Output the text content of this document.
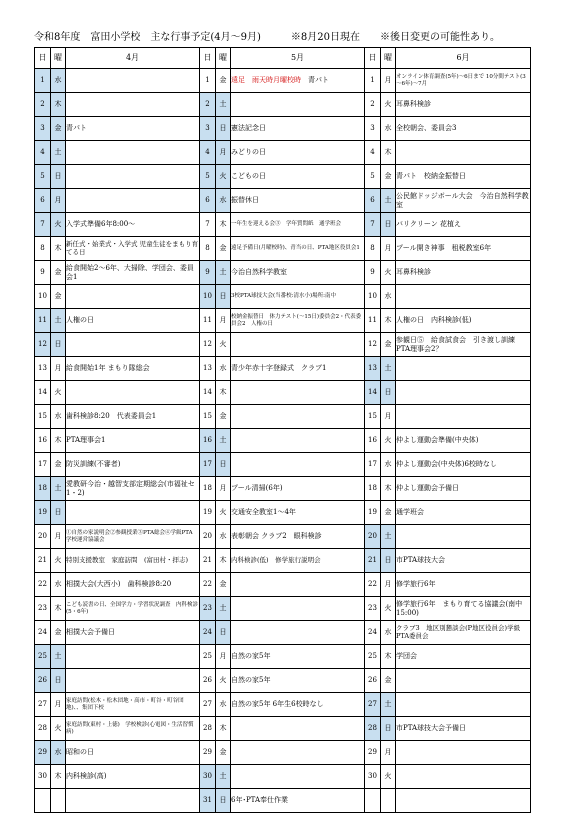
令和8年度　富田小学校　主な行事予定(4月～9月)　　　※8月20日現在　　※後日変更の可能性あり。
日	曜	4月	日	曜	5月	日	曜	6月
1	水		1	金	遠足　雨天時月曜校時　 青パト	1	月	オンライン体育調査(5年)～6日まで 10分間テスト(3～6年)～7月
2	木		2	土		2	火	耳鼻科検診
3	金	青パト	3	日	憲法記念日	3	水	全校朝会、委員会3
4	土		4	月	みどりの日	4	木	
5	日		5	火	こどもの日	5	金	青パト　校納金振替日
6	月		6	水	振替休日	6	土	公民館ドッジボール大会　今治自然科学教室
7	火	入学式準備6年8:00～	7	木	一年生を迎える会③　学年質問紙　通学班会	7	日	バリクリーン 花植え
8	木	新任式・始業式・入学式 児童生徒をまもり育てる日	8	金	遠足予備日(月曜校時)、青当の日、PTA地区役員会1	8	月	プール開き神事　租税教室6年
9	金	給食開始2～6年、大掃除、学団会、委員会1	9	土	今治自然科学教室	9	火	耳鼻科検診
10	金		10	日	3校PTA球技大会(当番校:清水小)場所:南中	10	水	
11	土	人権の日	11	月	校納金振替日　体力テスト(～15日)委員会2・代表委員会2　人権の日	11	木	人権の日　内科検診(低)
12	日		12	火		12	金	参観日⑤　給食試食会　引き渡し訓練　PTA理事会2？
13	月	給食開始1年 まもり隊総会	13	水	青少年赤十字登録式　クラブ1	13	土	
14	火		14	木		14	日	
15	水	歯科検診8:20　代表委員会1	15	金		15	月	
16	木	PTA理事会1	16	土		16	火	仲よし運動会準備(中央体)
17	金	防災訓練(不審者)	17	日		17	水	仲よし運動会(中央体)6校時なし
18	土	愛教研今治・越智支部定期総会(市福祉セ1・2)	18	月	プール清掃(6年)	18	木	仲よし運動会予備日
19	日		19	火	交通安全教室1～4年	19	金	通学班会
20	月	①自然の家説明会②参観授業③PTA総会④学級PTA　学校運営協議会	20	水	表彰朝会 クラブ2　眼科検診	20	土	
21	火	特別支援教室　家庭訪問　(富田村・拝志)	21	木	内科検診(低)　修学旅行説明会	21	日	市PTA球技大会
22	水	相撲大会(大西小)　歯科検診8:20	22	金		22	月	修学旅行6年
23	木	こども読書の日、全国学力・学習状況調査　内科検診(5・6年)	23	土		23	火	修学旅行6年　まもり育てる協議会(南中　15:00)
24	金	相撲大会予備日	24	日		24	水	クラブ3　地区別懇談会(P地区役員会)学級PTA委員会
25	土		25	月	自然の家5年	25	木	学団会
26	日		26	火	自然の家5年	26	金	
27	月	家庭訪問(松木・松木団地・高市・町谷・町谷団地)、、集団下校	27	水	自然の家5年 6年生6校時なし	27	土	
28	火	家庭訪問(東村・上徳)　学校検診(心電図・生活習慣病)	28	木		28	日	市PTA球技大会予備日
29	水	昭和の日	29	金		29	月	
30	木	内科検診(高)	30	土		30	火	
			31	日	6年･PTA奉仕作業			
